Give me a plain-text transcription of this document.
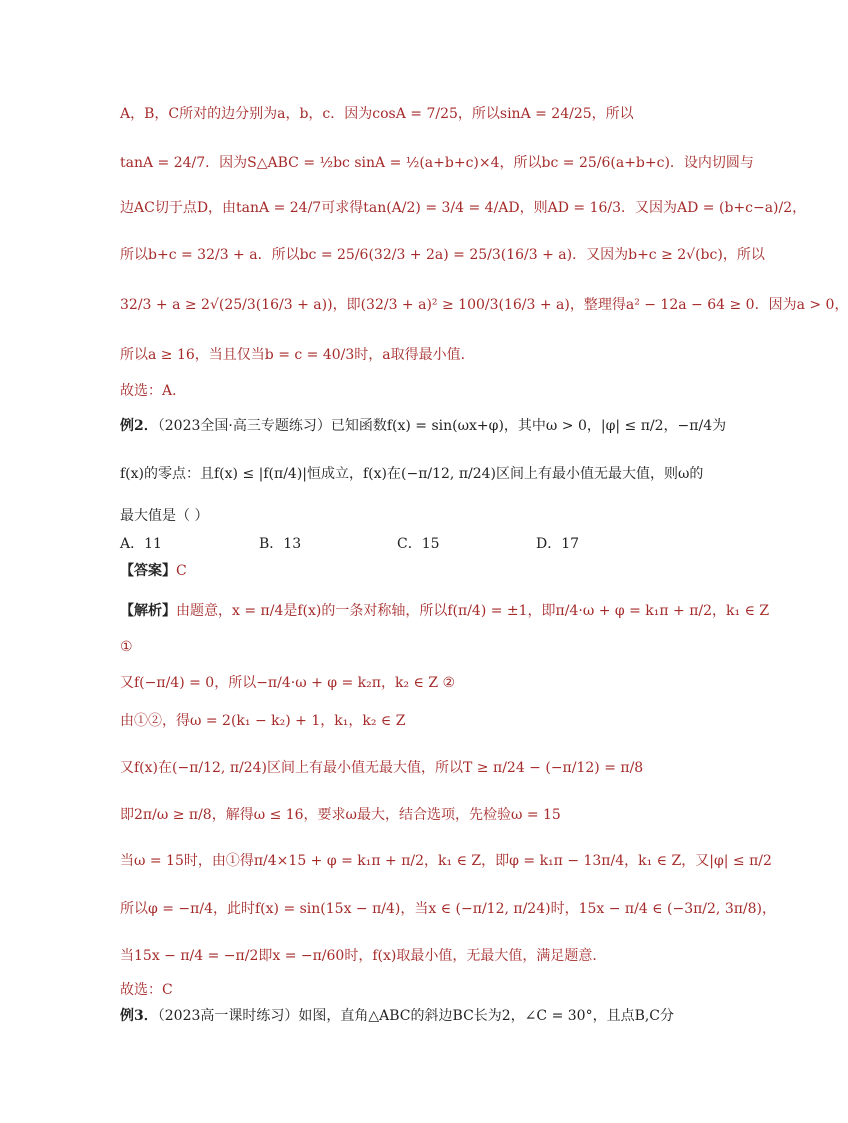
A，B，C所对的边分别为a，b，c．因为cosA = 7/25，所以sinA = 24/25，所以
tanA = 24/7．因为S△ABC = ½bc sinA = ½(a+b+c)×4，所以bc = 25/6(a+b+c)．设内切圆与
边AC切于点D，由tanA = 24/7可求得tan(A/2) = 3/4 = 4/AD，则AD = 16/3．又因为AD = (b+c−a)/2，
所以b+c = 32/3 + a．所以bc = 25/6(32/3 + 2a) = 25/3(16/3 + a)．又因为b+c ≥ 2√(bc)，所以
32/3 + a ≥ 2√(25/3(16/3 + a))，即(32/3 + a)² ≥ 100/3(16/3 + a)，整理得a² − 12a − 64 ≥ 0．因为a > 0，
所以a ≥ 16，当且仅当b = c = 40/3时，a取得最小值．
故选：A．
例2．（2023全国·高三专题练习）已知函数f(x) = sin(ωx+φ)，其中ω > 0，|φ| ≤ π/2，−π/4为
f(x)的零点：且f(x) ≤ |f(π/4)|恒成立，f(x)在(−π/12, π/24)区间上有最小值无最大值，则ω的
最大值是（ ）
A．11	B．13	C．15	D．17
【答案】C
【解析】由题意，x = π/4是f(x)的一条对称轴，所以f(π/4) = ±1，即π/4·ω + φ = k₁π + π/2，k₁ ∈ Z
①
又f(−π/4) = 0，所以−π/4·ω + φ = k₂π，k₂ ∈ Z ②
由①②，得ω = 2(k₁ − k₂) + 1，k₁，k₂ ∈ Z
又f(x)在(−π/12, π/24)区间上有最小值无最大值，所以T ≥ π/24 − (−π/12) = π/8
即2π/ω ≥ π/8，解得ω ≤ 16，要求ω最大，结合选项，先检验ω = 15
当ω = 15时，由①得π/4×15 + φ = k₁π + π/2，k₁ ∈ Z，即φ = k₁π − 13π/4，k₁ ∈ Z，又|φ| ≤ π/2
所以φ = −π/4，此时f(x) = sin(15x − π/4)，当x ∈ (−π/12, π/24)时，15x − π/4 ∈ (−3π/2, 3π/8)，
当15x − π/4 = −π/2即x = −π/60时，f(x)取最小值，无最大值，满足题意．
故选：C
例3．（2023高一课时练习）如图，直角△ABC的斜边BC长为2，∠C = 30°，且点B,C分
